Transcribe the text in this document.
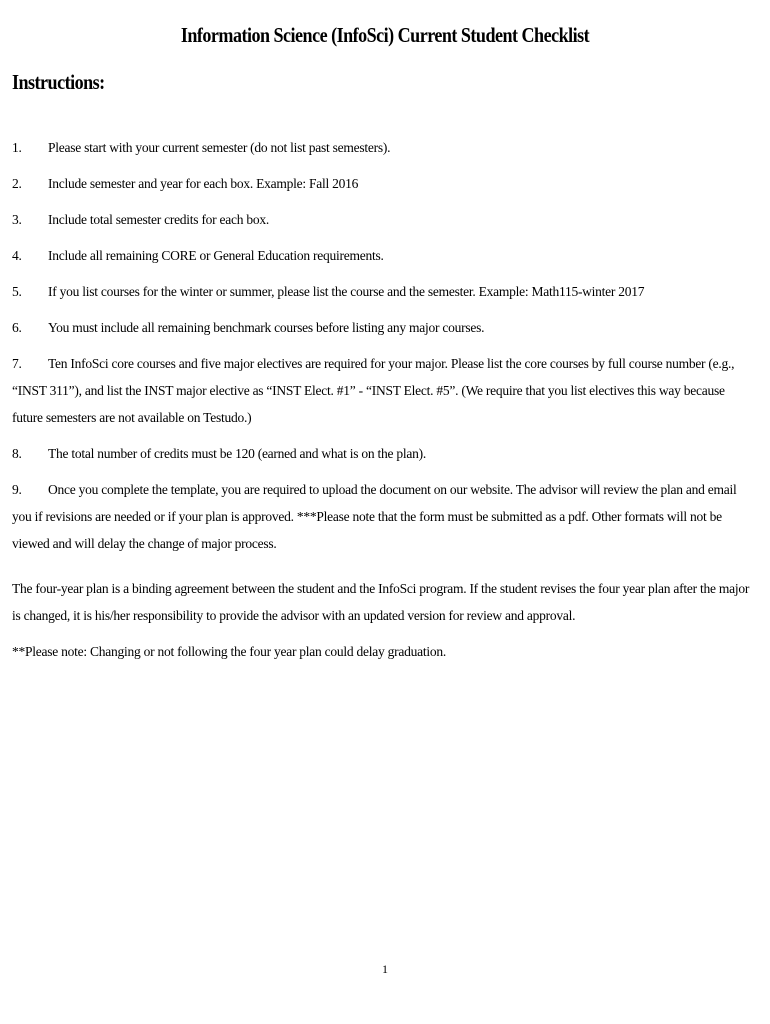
Information Science (InfoSci) Current Student Checklist
Instructions:
1. Please start with your current semester (do not list past semesters).
2. Include semester and year for each box. Example: Fall 2016
3. Include total semester credits for each box.
4. Include all remaining CORE or General Education requirements.
5. If you list courses for the winter or summer, please list the course and the semester. Example: Math115-winter 2017
6. You must include all remaining benchmark courses before listing any major courses.
7. Ten InfoSci core courses and five major electives are required for your major. Please list the core courses by full course number (e.g., “INST 311”), and list the INST major elective as “INST Elect. #1” - “INST Elect. #5”. (We require that you list electives this way because future semesters are not available on Testudo.)
8. The total number of credits must be 120 (earned and what is on the plan).
9. Once you complete the template, you are required to upload the document on our website. The advisor will review the plan and email you if revisions are needed or if your plan is approved. ***Please note that the form must be submitted as a pdf. Other formats will not be viewed and will delay the change of major process.
The four-year plan is a binding agreement between the student and the InfoSci program. If the student revises the four year plan after the major is changed, it is his/her responsibility to provide the advisor with an updated version for review and approval.
**Please note: Changing or not following the four year plan could delay graduation.
1
